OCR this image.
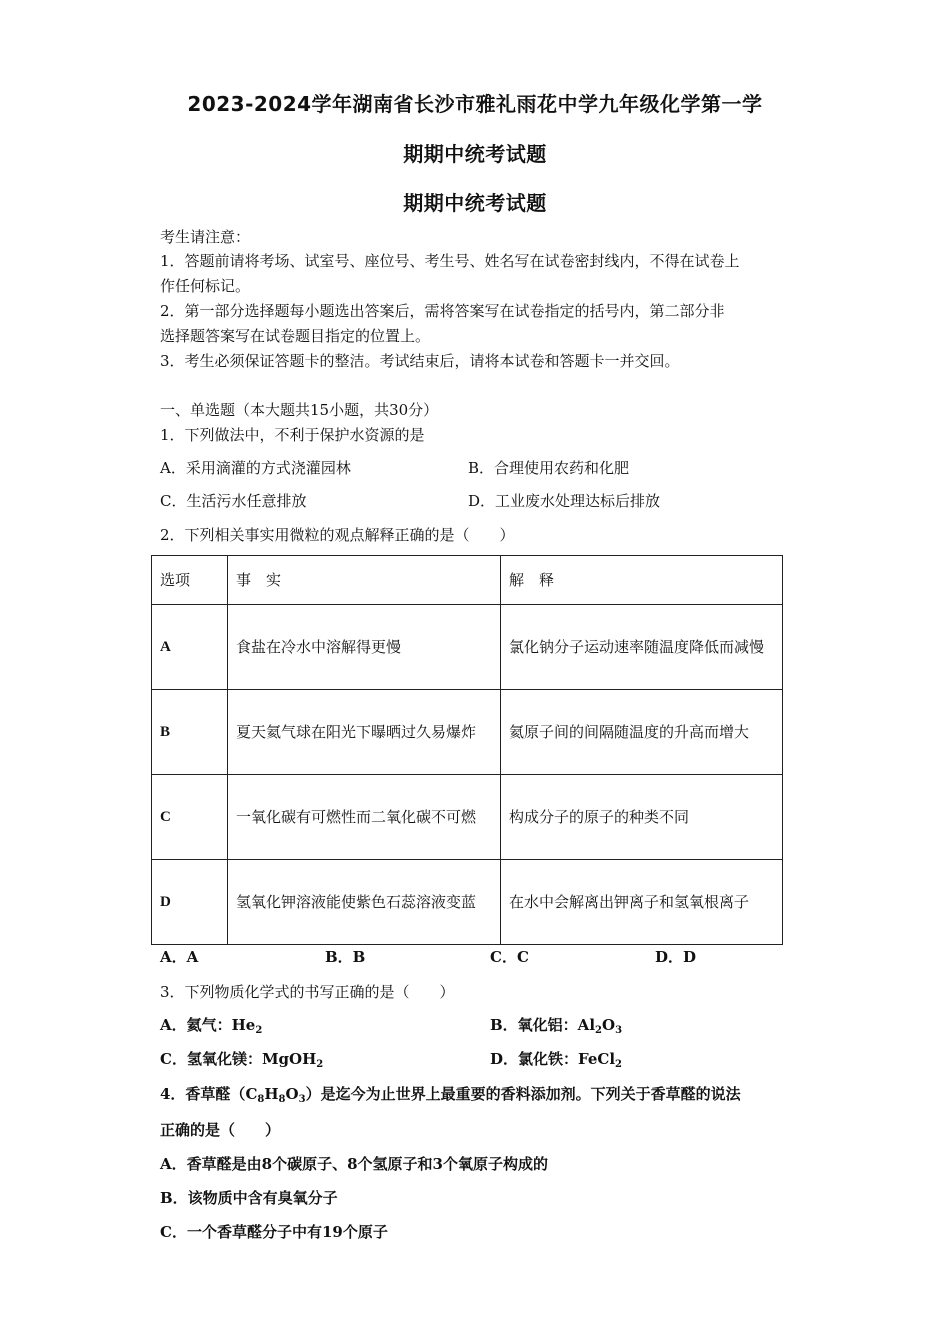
2023-2024学年湖南省长沙市雅礼雨花中学九年级化学第一学
期期中统考试题
期期中统考试题
考生请注意：
1．答题前请将考场、试室号、座位号、考生号、姓名写在试卷密封线内，不得在试卷上
作任何标记。
2．第一部分选择题每小题选出答案后，需将答案写在试卷指定的括号内，第二部分非
选择题答案写在试卷题目指定的位置上。
3．考生必须保证答题卡的整洁。考试结束后，请将本试卷和答题卡一并交回。
一、单选题（本大题共15小题，共30分）
1．下列做法中，不利于保护水资源的是
A．采用滴灌的方式浇灌园林	B．合理使用农药和化肥
C．生活污水任意排放	D．工业废水处理达标后排放
2．下列相关事实用微粒的观点解释正确的是（　　）
选项	事　实	解　释
A	食盐在冷水中溶解得更慢	氯化钠分子运动速率随温度降低而减慢
B	夏天氦气球在阳光下曝晒过久易爆炸	氦原子间的间隔随温度的升高而增大
C	一氧化碳有可燃性而二氧化碳不可燃	构成分子的原子的种类不同
D	氢氧化钾溶液能使紫色石蕊溶液变蓝	在水中会解离出钾离子和氢氧根离子
A．A	B．B	C．C	D．D
3．下列物质化学式的书写正确的是（　　）
A．氦气：$He_2$	B．氧化铝：$Al_2O_3$
C．氢氧化镁：MgOH$_2$	D．氯化铁：FeCl$_2$
4．香草醛$(C_8H_8O_3)$是迄今为止世界上最重要的香料添加剂。下列关于香草醛的说法
正确的是（　　）
A．香草醛是由8个碳原子、8个氢原子和3个氧原子构成的
B．该物质中含有臭氧分子
C．一个香草醛分子中有19个原子
